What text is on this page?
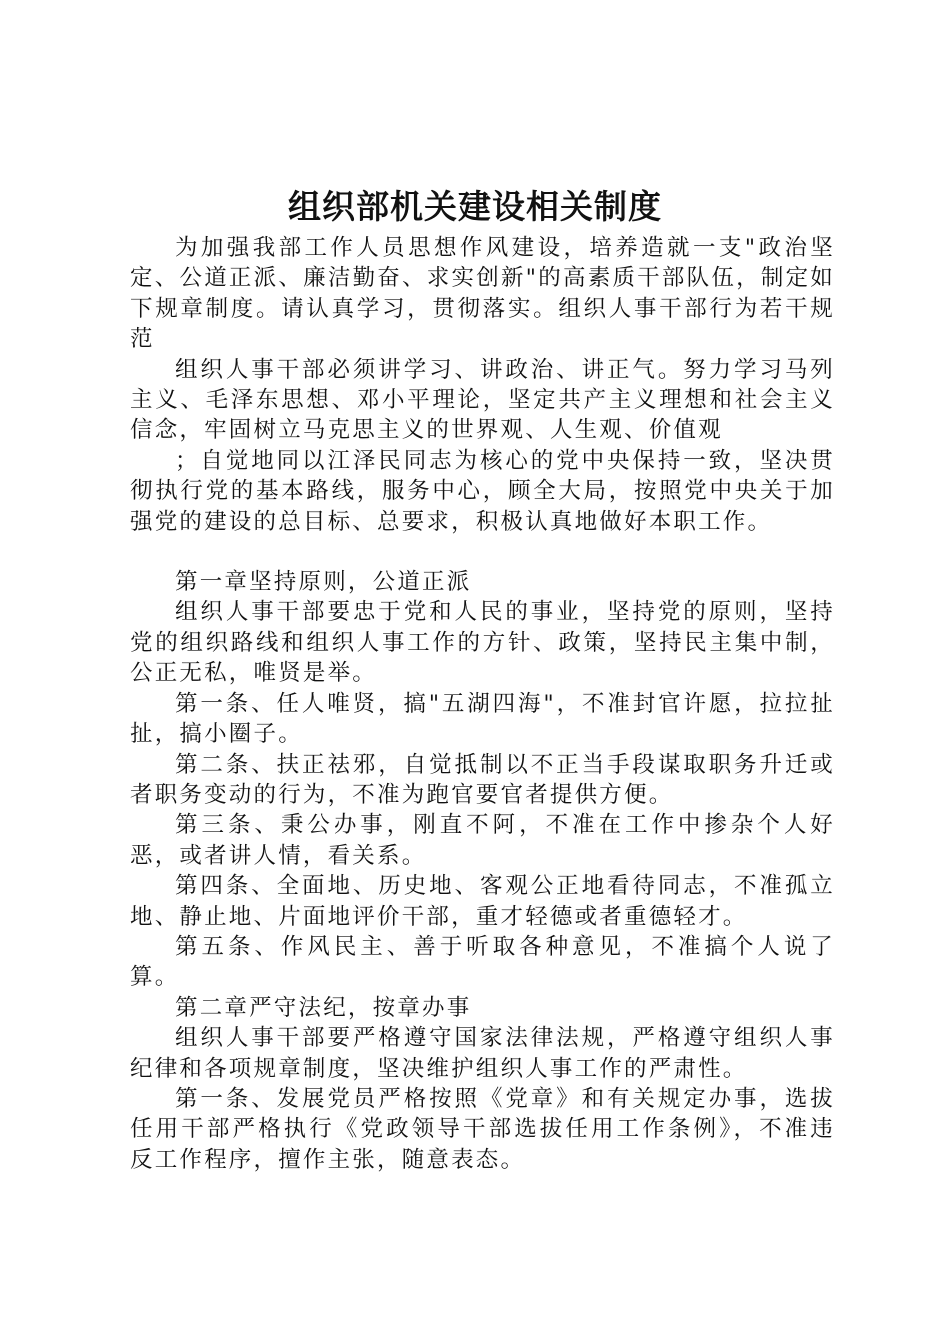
组织部机关建设相关制度

为加强我部工作人员思想作风建设，培养造就一支"政治坚定、公道正派、廉洁勤奋、求实创新"的高素质干部队伍，制定如下规章制度。请认真学习，贯彻落实。组织人事干部行为若干规范

组织人事干部必须讲学习、讲政治、讲正气。努力学习马列主义、毛泽东思想、邓小平理论，坚定共产主义理想和社会主义信念，牢固树立马克思主义的世界观、人生观、价值观

；自觉地同以江泽民同志为核心的党中央保持一致，坚决贯彻执行党的基本路线，服务中心，顾全大局，按照党中央关于加强党的建设的总目标、总要求，积极认真地做好本职工作。

第一章坚持原则，公道正派

组织人事干部要忠于党和人民的事业，坚持党的原则，坚持党的组织路线和组织人事工作的方针、政策，坚持民主集中制，公正无私，唯贤是举。

第一条、任人唯贤，搞"五湖四海"，不准封官许愿，拉拉扯扯，搞小圈子。

第二条、扶正祛邪，自觉抵制以不正当手段谋取职务升迁或者职务变动的行为，不准为跑官要官者提供方便。

第三条、秉公办事，刚直不阿，不准在工作中掺杂个人好恶，或者讲人情，看关系。

第四条、全面地、历史地、客观公正地看待同志，不准孤立地、静止地、片面地评价干部，重才轻德或者重德轻才。

第五条、作风民主、善于听取各种意见，不准搞个人说了算。

第二章严守法纪，按章办事

组织人事干部要严格遵守国家法律法规，严格遵守组织人事纪律和各项规章制度，坚决维护组织人事工作的严肃性。

第一条、发展党员严格按照《党章》和有关规定办事，选拔任用干部严格执行《党政领导干部选拔任用工作条例》，不准违反工作程序，擅作主张，随意表态。
